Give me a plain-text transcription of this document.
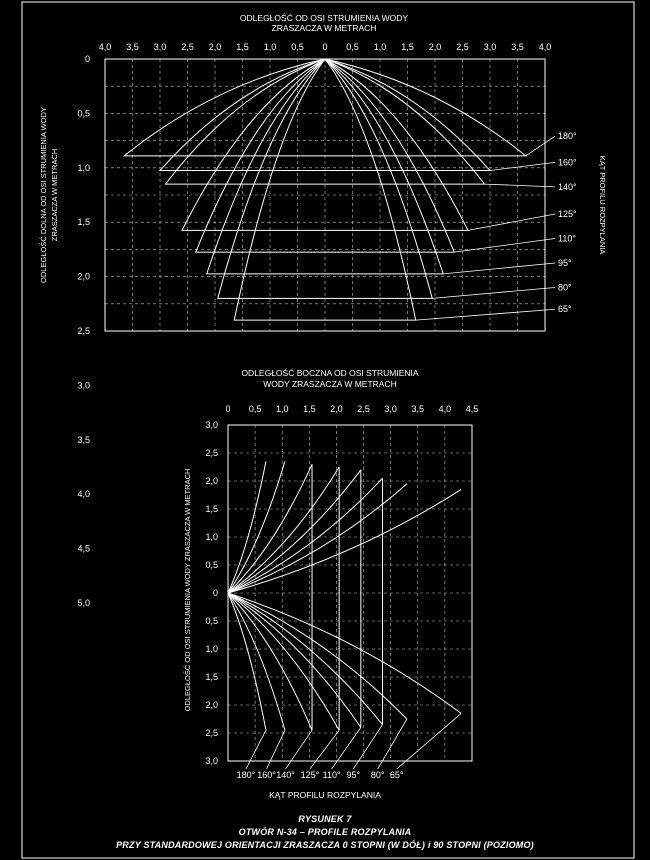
ODLEGŁOŚĆ OD OSI STRUMIENIA WODY
ZRASZACZA W METRACH
4,0 3,5 3,0 2,5 2,0 1,5 1,0 0,5 0 0,5 1,0 1,5 2,0 2,5 3,0 3,5 4,0
0
0,5
1,0
1,5
2,0
2,5
3,0
3,5
4,0
4,5
5,0
180°
160°
140°
125°
110°
95°
80°
65°
ODLEGŁOŚĆ DOLNA OD OSI STRUMIENIA WODY ZRASZACZA W METRACH	KĄT PROFILU ROZPYLANIA
ODLEGŁOŚĆ BOCZNA OD OSI STRUMIENIA
WODY ZRASZACZA W METRACH
0 0,5 1,0 1,5 2,0 2,5 3,0 3,5 4,0 4,5
3,0
2,5
2,0
1,5
1,0
0,5
0
0,5
1,0
1,5
2,0
2,5
3,0
180° 160° 140° 125° 110° 95° 80° 65°
ODLEGŁOŚĆ OD OSI STRUMIENIA WODY ZRASZACZA W METRACH
KĄT PROFILU ROZPYLANIA
RYSUNEK 7
OTWÓR N-34 – PROFILE ROZPYLANIA
PRZY STANDARDOWEJ ORIENTACJI ZRASZACZA 0 STOPNI (W DÓŁ) i 90 STOPNI (POZIOMO)
